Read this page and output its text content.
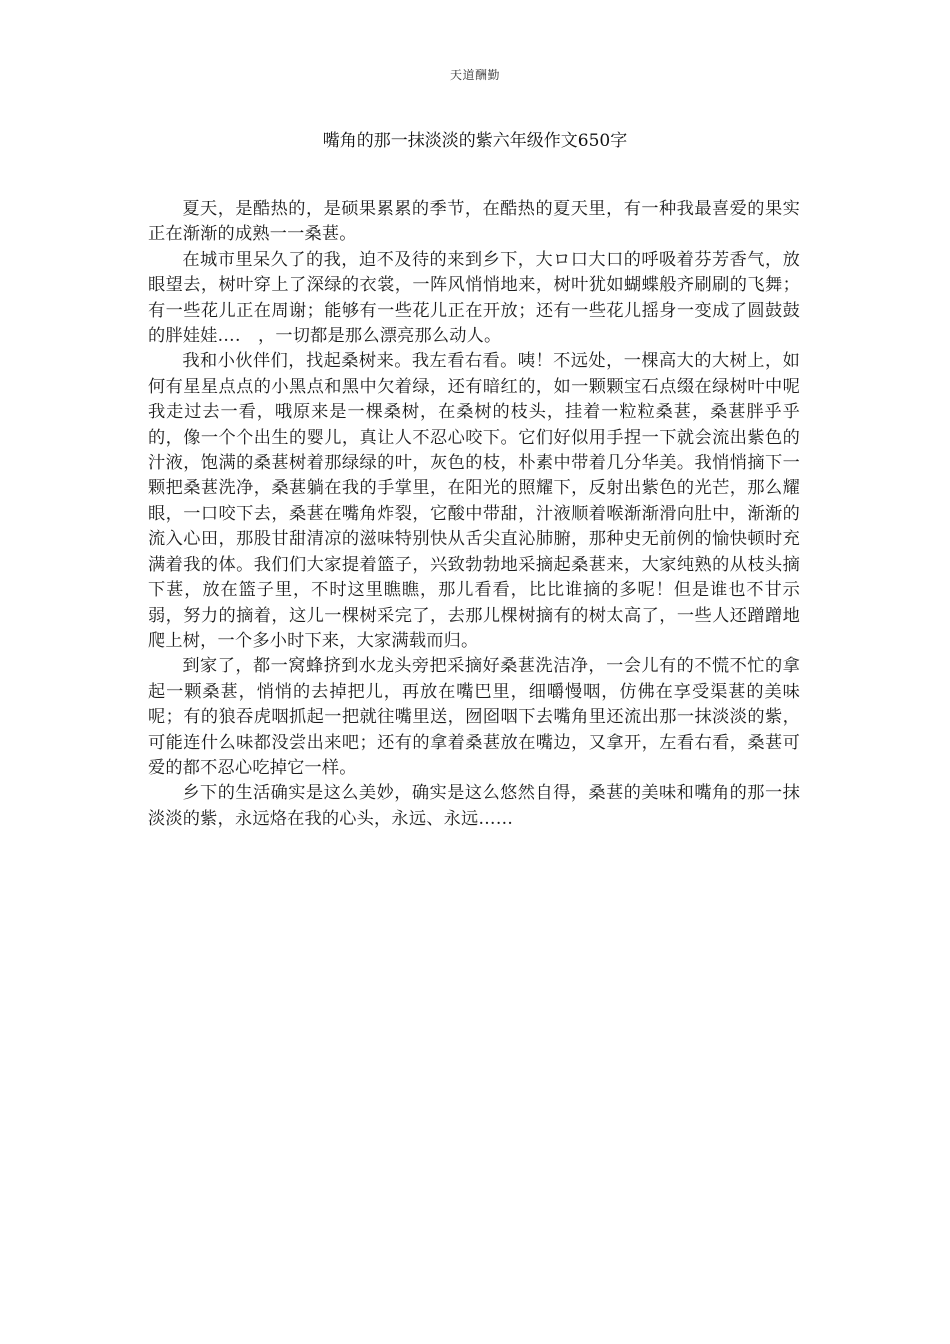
天道酬勤
嘴角的那一抹淡淡的紫六年级作文650字

夏天，是酷热的，是硕果累累的季节，在酷热的夏天里，有一种我最喜爱的果实正在渐渐的成熟一一桑葚。

在城市里呆久了的我，迫不及待的来到乡下，大ロ口大口的呼吸着芬芳香气，放眼望去，树叶穿上了深绿的衣裳，一阵风悄悄地来，树叶犹如蝴蝶般齐刷刷的飞舞；有一些花儿正在周谢；能够有一些花儿正在开放；还有一些花儿摇身一变成了圆鼓鼓的胖娃娃….　，一切都是那么漂亮那么动人。

我和小伙伴们，找起桑树来。我左看右看。咦！不远处，一棵高大的大树上，如何有星星点点的小黑点和黑中欠着绿，还有暗红的，如一颗颗宝石点缀在绿树叶中呢我走过去一看，哦原来是一棵桑树，在桑树的枝头，挂着一粒粒桑葚，桑葚胖乎乎的，像一个个出生的婴儿，真让人不忍心咬下。它们好似用手捏一下就会流出紫色的汁液，饱满的桑葚树着那绿绿的叶，灰色的枝，朴素中带着几分华美。我悄悄摘下一颗把桑葚洗净，桑葚躺在我的手掌里，在阳光的照耀下，反射出紫色的光芒，那么耀眼，一口咬下去，桑葚在嘴角炸裂，它酸中带甜，汁液顺着喉渐渐滑向肚中，渐渐的流入心田，那股甘甜清凉的滋味特别快从舌尖直沁肺腑，那种史无前例的愉快顿时充满着我的体。我们们大家提着篮子，兴致勃勃地采摘起桑葚来，大家纯熟的从枝头摘下葚，放在篮子里，不时这里瞧瞧，那儿看看，比比谁摘的多呢！但是谁也不甘示弱，努力的摘着，这儿一棵树采完了，去那儿棵树摘有的树太高了，一些人还蹭蹭地爬上树，一个多小时下来，大家满载而归。

到家了，都一窝蜂挤到水龙头旁把采摘好桑葚洗洁净，一会儿有的不慌不忙的拿起一颗桑葚，悄悄的去掉把儿，再放在嘴巴里，细嚼慢咽，仿佛在享受渠葚的美味呢；有的狼吞虎咽抓起一把就往嘴里送，囫囵咽下去嘴角里还流出那一抹淡淡的紫，可能连什么味都没尝出来吧；还有的拿着桑葚放在嘴边，又拿开，左看右看，桑葚可爱的都不忍心吃掉它一样。

乡下的生活确实是这么美妙，确实是这么悠然自得，桑葚的美味和嘴角的那一抹淡淡的紫，永远烙在我的心头，永远、永远……
